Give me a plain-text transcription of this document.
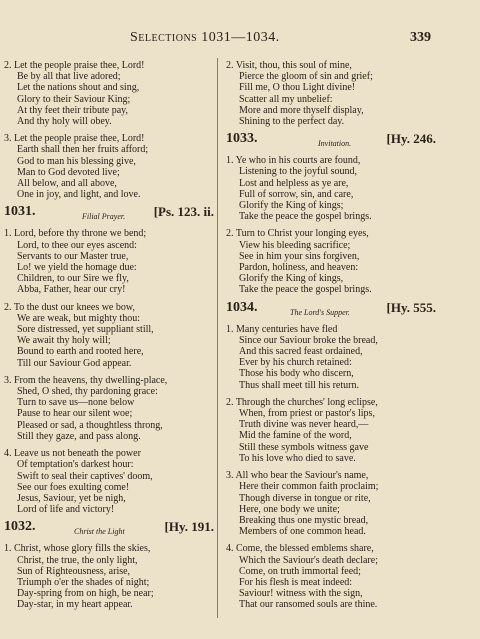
Selections 1031—1034.	339
2. Let the people praise thee, Lord!
Be by all that live adored;
Let the nations shout and sing,
Glory to their Saviour King;
At thy feet their tribute pay,
And thy holy will obey.
3. Let the people praise thee, Lord!
Earth shall then her fruits afford;
God to man his blessing give,
Man to God devoted live;
All below, and all above,
One in joy, and light, and love.
1031.	Filial Prayer. [Ps. 123. ii.
1. Lord, before thy throne we bend;
Lord, to thee our eyes ascend:
Servants to our Master true,
Lo! we yield the homage due:
Children, to our Sire we fly,
Abba, Father, hear our cry!
2. To the dust our knees we bow,
We are weak, but mighty thou:
Sore distressed, yet suppliant still,
We await thy holy will;
Bound to earth and rooted here,
Till our Saviour God appear.
3. From the heavens, thy dwelling-place,
Shed, O shed, thy pardoning grace:
Turn to save us—none below
Pause to hear our silent woe;
Pleased or sad, a thoughtless throng,
Still they gaze, and pass along.
4. Leave us not beneath the power
Of temptation's darkest hour:
Swift to seal their captives' doom,
See our foes exulting come!
Jesus, Saviour, yet be nigh,
Lord of life and victory!
1032.	Christ the Light	[Hy. 191.
1. Christ, whose glory fills the skies,
Christ, the true, the only light,
Sun of Righteousness, arise,
Triumph o'er the shades of night;
Day-spring from on high, be near;
Day-star, in my heart appear.
2. Visit, thou, this soul of mine,
Pierce the gloom of sin and grief;
Fill me, O thou Light divine!
Scatter all my unbelief:
More and more thyself display,
Shining to the perfect day.
1033.	Invitation.	[Hy. 246.
1. Ye who in his courts are found,
Listening to the joyful sound,
Lost and helpless as ye are,
Full of sorrow, sin, and care,
Glorify the King of kings;
Take the peace the gospel brings.
2. Turn to Christ your longing eyes,
View his bleeding sacrifice;
See in him your sins forgiven,
Pardon, holiness, and heaven:
Glorify the King of kings,
Take the peace the gospel brings.
1034.	The Lord's Supper.	[Hy. 555.
1. Many centuries have fled
Since our Saviour broke the bread,
And this sacred feast ordained,
Ever by his church retained:
Those his body who discern,
Thus shall meet till his return.
2. Through the churches' long eclipse,
When, from priest or pastor's lips,
Truth divine was never heard,—
Mid the famine of the word,
Still these symbols witness gave
To his love who died to save.
3. All who bear the Saviour's name,
Here their common faith proclaim;
Though diverse in tongue or rite,
Here, one body we unite;
Breaking thus one mystic bread,
Members of one common head.
4. Come, the blessed emblems share,
Which the Saviour's death declare;
Come, on truth immortal feed;
For his flesh is meat indeed:
Saviour! witness with the sign,
That our ransomed souls are thine.
